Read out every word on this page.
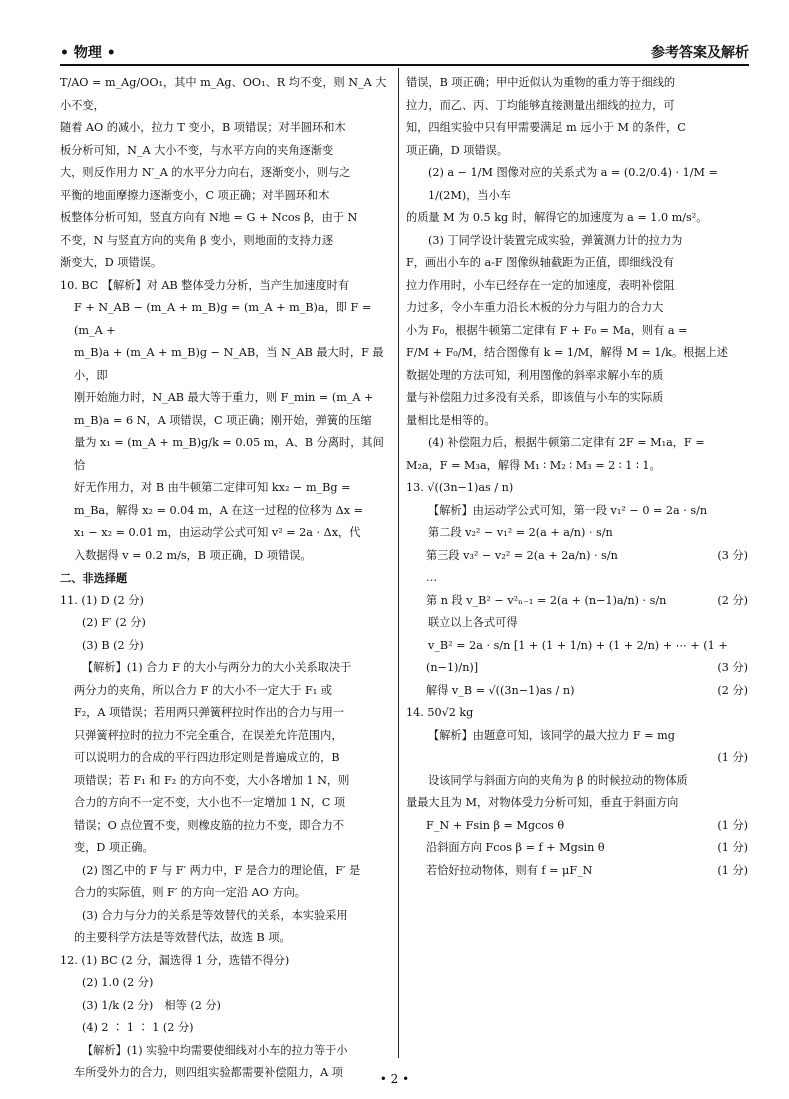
• 物理 •	参考答案及解析

T/AO = m_Ag/OO₁，其中 m_Ag、OO₁、R 均不变，则 N_A 大小不变，

随着 AO 的减小，拉力 T 变小，B 项错误；对半圆环和木

板分析可知，N_A 大小不变，与水平方向的夹角逐渐变

大，则反作用力 N′_A 的水平分力向右，逐渐变小，则与之

平衡的地面摩擦力逐渐变小，C 项正确；对半圆环和木

板整体分析可知，竖直方向有 N地 = G + Ncos β，由于 N

不变，N 与竖直方向的夹角 β 变小，则地面的支持力逐

渐变大，D 项错误。

10. BC 【解析】对 AB 整体受力分析，当产生加速度时有

F + N_AB − (m_A + m_B)g = (m_A + m_B)a，即 F = (m_A +

m_B)a + (m_A + m_B)g − N_AB，当 N_AB 最大时，F 最小，即

刚开始施力时，N_AB 最大等于重力，则 F_min = (m_A +

m_B)a = 6 N，A 项错误，C 项正确；刚开始，弹簧的压缩

量为 x₁ = (m_A + m_B)g/k = 0.05 m，A、B 分离时，其间恰

好无作用力，对 B 由牛顿第二定律可知 kx₂ − m_Bg =

m_Ba，解得 x₂ = 0.04 m，A 在这一过程的位移为 Δx =

x₁ − x₂ = 0.01 m，由运动学公式可知 v² = 2a · Δx，代

入数据得 v = 0.2 m/s，B 项正确，D 项错误。

二、非选择题

11. (1) D (2 分)

(2) F′ (2 分)

(3) B (2 分)

【解析】(1) 合力 F 的大小与两分力的大小关系取决于

两分力的夹角，所以合力 F 的大小不一定大于 F₁ 或

F₂，A 项错误；若用两只弹簧秤拉时作出的合力与用一

只弹簧秤拉时的拉力不完全重合，在误差允许范围内，

可以说明力的合成的平行四边形定则是普遍成立的，B

项错误；若 F₁ 和 F₂ 的方向不变，大小各增加 1 N，则

合力的方向不一定不变，大小也不一定增加 1 N，C 项

错误；O 点位置不变，则橡皮筋的拉力不变，即合力不

变，D 项正确。

(2) 图乙中的 F 与 F′ 两力中，F 是合力的理论值，F′ 是

合力的实际值，则 F′ 的方向一定沿 AO 方向。

(3) 合力与分力的关系是等效替代的关系，本实验采用

的主要科学方法是等效替代法，故选 B 项。

12. (1) BC (2 分，漏选得 1 分，选错不得分)

(2) 1.0 (2 分)

(3) 1/k (2 分)　相等 (2 分)

(4) 2 ∶ 1 ∶ 1 (2 分)

【解析】(1) 实验中均需要使细线对小车的拉力等于小

车所受外力的合力，则四组实验都需要补偿阻力，A 项

错误，B 项正确；甲中近似认为重物的重力等于细线的

拉力，而乙、丙、丁均能够直接测量出细线的拉力，可

知，四组实验中只有甲需要满足 m 远小于 M 的条件，C

项正确，D 项错误。

(2) a − 1/M 图像对应的关系式为 a = (0.2/0.4) · 1/M = 1/(2M)，当小车

的质量 M 为 0.5 kg 时，解得它的加速度为 a = 1.0 m/s²。

(3) 丁同学设计装置完成实验，弹簧测力计的拉力为

F，画出小车的 a-F 图像纵轴截距为正值，即细线没有

拉力作用时，小车已经存在一定的加速度，表明补偿阻

力过多，令小车重力沿长木板的分力与阻力的合力大

小为 F₀，根据牛顿第二定律有 F + F₀ = Ma，则有 a =

F/M + F₀/M，结合图像有 k = 1/M，解得 M = 1/k。根据上述

数据处理的方法可知，利用图像的斜率求解小车的质

量与补偿阻力过多没有关系，即该值与小车的实际质

量相比是相等的。

(4) 补偿阻力后，根据牛顿第二定律有 2F = M₁a，F =

M₂a，F = M₃a，解得 M₁ ∶ M₂ ∶ M₃ = 2 ∶ 1 ∶ 1。

13. √((3n−1)as / n)

【解析】由运动学公式可知，第一段 v₁² − 0 = 2a · s/n

第二段 v₂² − v₁² = 2(a + a/n) · s/n

第三段 v₃² − v₂² = 2(a + 2a/n) · s/n	(3 分)

…

第 n 段 v_B² − v²ₙ₋₁ = 2(a + (n−1)a/n) · s/n	(2 分)

联立以上各式可得

v_B² = 2a · s/n [1 + (1 + 1/n) + (1 + 2/n) + ⋯ + (1 +

(n−1)/n)]	(3 分)
解得 v_B = √((3n−1)as / n)	(2 分)

14. 50√2 kg

【解析】由题意可知，该同学的最大拉力 F = mg

(1 分)

设该同学与斜面方向的夹角为 β 的时候拉动的物体质

量最大且为 M，对物体受力分析可知，垂直于斜面方向

F_N + Fsin β = Mgcos θ	(1 分)
沿斜面方向 Fcos β = f + Mgsin θ	(1 分)
若恰好拉动物体，则有 f = μF_N	(1 分)
• 2 •
